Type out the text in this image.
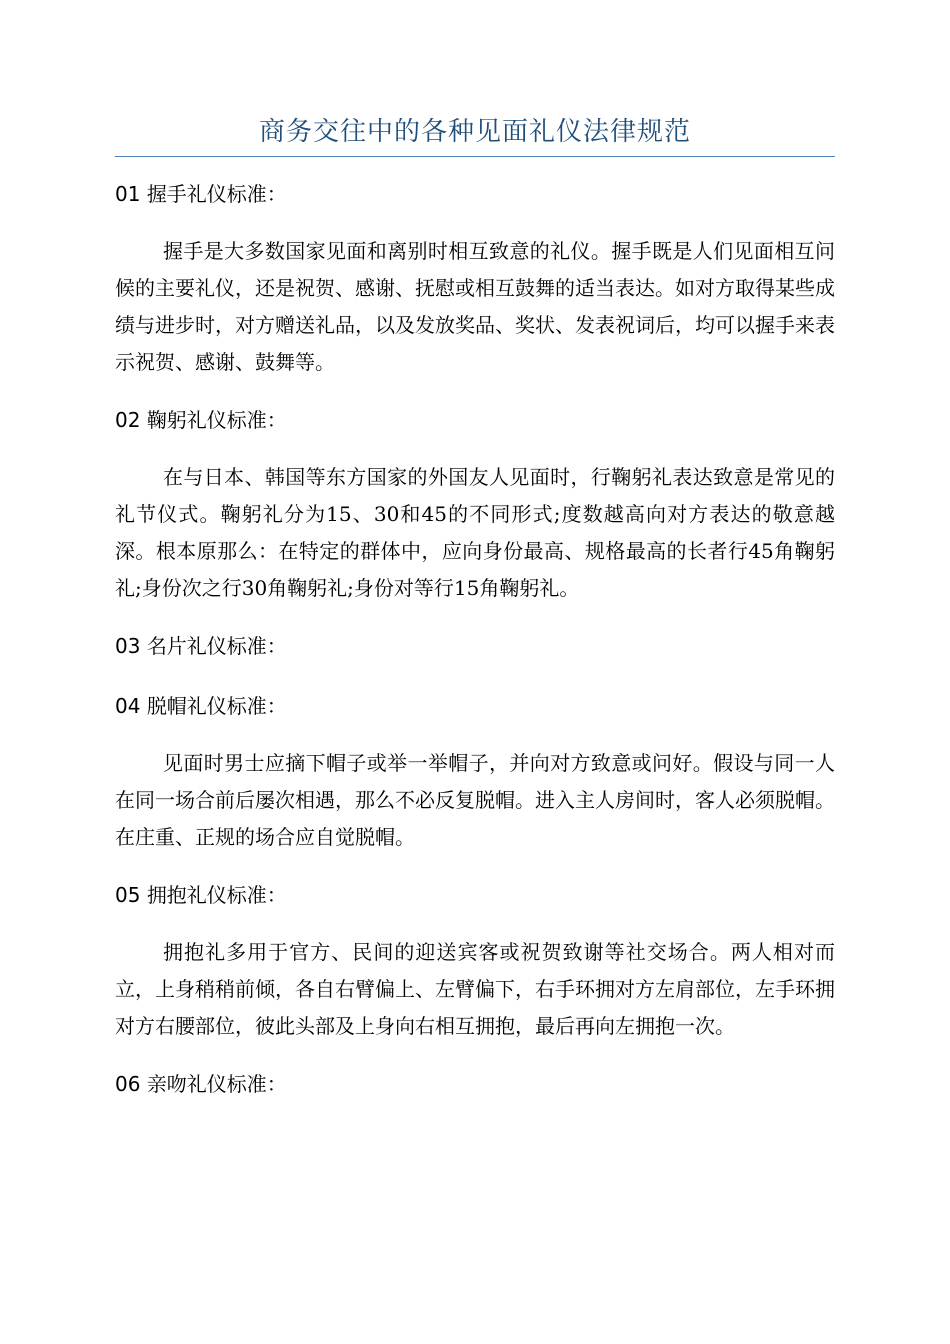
商务交往中的各种见面礼仪法律规范
01 握手礼仪标准：

握手是大多数国家见面和离别时相互致意的礼仪。握手既是人们见面相互问候的主要礼仪，还是祝贺、感谢、抚慰或相互鼓舞的适当表达。如对方取得某些成绩与进步时，对方赠送礼品，以及发放奖品、奖状、发表祝词后，均可以握手来表示祝贺、感谢、鼓舞等。

02 鞠躬礼仪标准：

在与日本、韩国等东方国家的外国友人见面时，行鞠躬礼表达致意是常见的礼节仪式。鞠躬礼分为15、30和45的不同形式;度数越高向对方表达的敬意越深。根本原那么：在特定的群体中，应向身份最高、规格最高的长者行45角鞠躬礼;身份次之行30角鞠躬礼;身份对等行15角鞠躬礼。

03 名片礼仪标准：
04 脱帽礼仪标准：

见面时男士应摘下帽子或举一举帽子，并向对方致意或问好。假设与同一人在同一场合前后屡次相遇，那么不必反复脱帽。进入主人房间时，客人必须脱帽。在庄重、正规的场合应自觉脱帽。

05 拥抱礼仪标准：

拥抱礼多用于官方、民间的迎送宾客或祝贺致谢等社交场合。两人相对而立，上身稍稍前倾，各自右臂偏上、左臂偏下，右手环拥对方左肩部位，左手环拥对方右腰部位，彼此头部及上身向右相互拥抱，最后再向左拥抱一次。

06 亲吻礼仪标准：
